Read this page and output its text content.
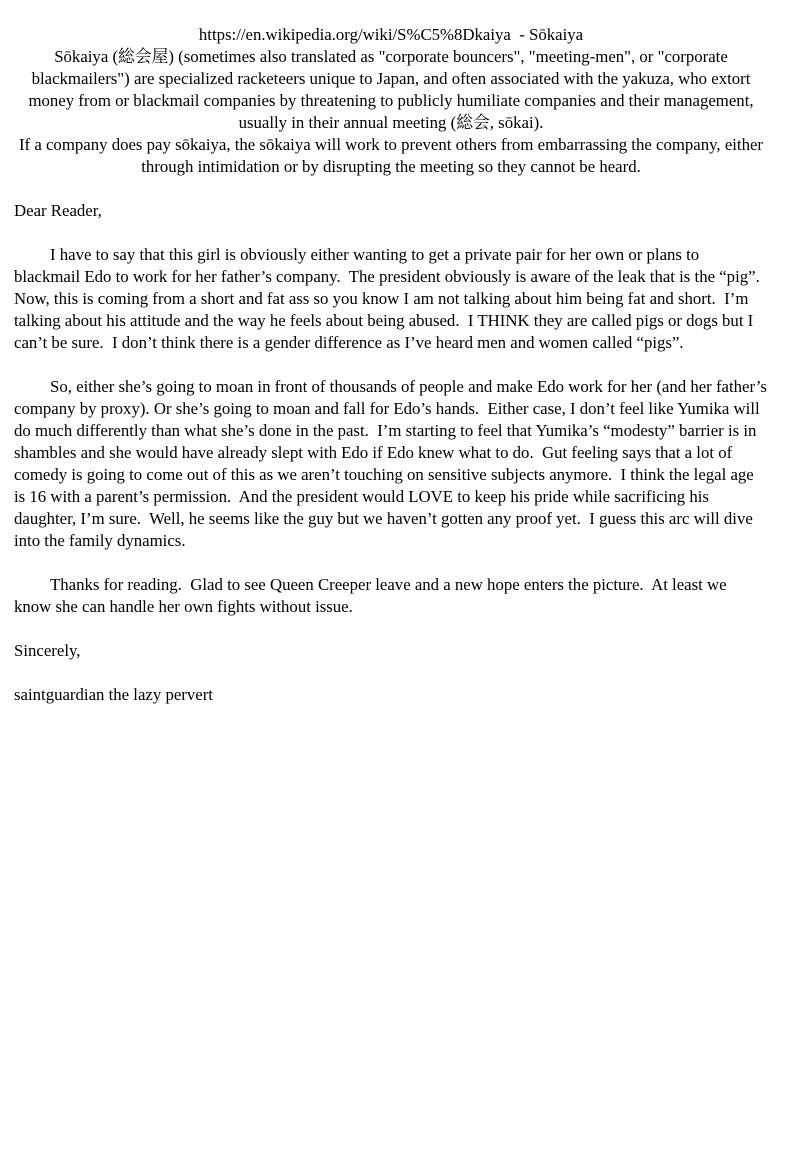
https://en.wikipedia.org/wiki/S%C5%8Dkaiya  - Sōkaiya

Sōkaiya (総会屋) (sometimes also translated as "corporate bouncers", "meeting-men", or "corporate blackmailers") are specialized racketeers unique to Japan, and often associated with the yakuza, who extort money from or blackmail companies by threatening to publicly humiliate companies and their management, usually in their annual meeting (総会, sōkai).

If a company does pay sōkaiya, the sōkaiya will work to prevent others from embarrassing the company, either through intimidation or by disrupting the meeting so they cannot be heard.

Dear Reader,

I have to say that this girl is obviously either wanting to get a private pair for her own or plans to blackmail Edo to work for her father’s company.  The president obviously is aware of the leak that is the “pig”.  Now, this is coming from a short and fat ass so you know I am not talking about him being fat and short.  I’m talking about his attitude and the way he feels about being abused.  I THINK they are called pigs or dogs but I can’t be sure.  I don’t think there is a gender difference as I’ve heard men and women called “pigs”.

So, either she’s going to moan in front of thousands of people and make Edo work for her (and her father’s company by proxy). Or she’s going to moan and fall for Edo’s hands.  Either case, I don’t feel like Yumika will do much differently than what she’s done in the past.  I’m starting to feel that Yumika’s “modesty” barrier is in shambles and she would have already slept with Edo if Edo knew what to do.  Gut feeling says that a lot of comedy is going to come out of this as we aren’t touching on sensitive subjects anymore.  I think the legal age is 16 with a parent’s permission.  And the president would LOVE to keep his pride while sacrificing his daughter, I’m sure.  Well, he seems like the guy but we haven’t gotten any proof yet.  I guess this arc will dive into the family dynamics.

Thanks for reading.  Glad to see Queen Creeper leave and a new hope enters the picture.  At least we know she can handle her own fights without issue.

Sincerely,

saintguardian the lazy pervert
